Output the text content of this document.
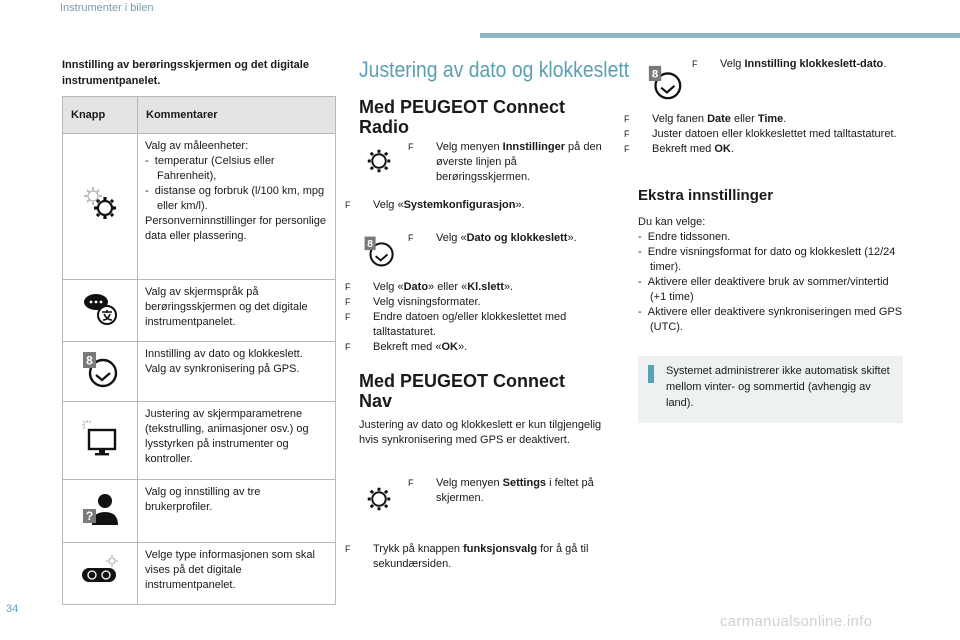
Instrumenter i bilen
34
carmanualsonline.info
Innstilling av berøringsskjermen og det digitale instrumentpanelet.
Knapp	Kommentarer

Valg av måleenheter:
-  temperatur (Celsius eller Fahrenheit),
-  distanse og forbruk (l/100 km, mpg eller km/l).
Personverninnstillinger for personlige data eller plassering.

Valg av skjermspråk på berøringsskjermen og det digitale instrumentpanelet.

8	Innstilling av dato og klokkeslett.
Valg av synkronisering på GPS.

Justering av skjermparametrene (tekstrulling, animasjoner osv.) og lysstyrken på instrumenter og kontroller.

?	Valg og innstilling av tre brukerprofiler.

Velge type informasjonen som skal vises på det digitale instrumentpanelet.
Justering av dato og klokkeslett
Med PEUGEOT Connect Radio
F Velg menyen Innstillinger på den øverste linjen på berøringsskjermen.
F Velg «Systemkonfigurasjon».
8
F Velg «Dato og klokkeslett».
F Velg «Dato» eller «Kl.slett».
F Velg visningsformater.
F Endre datoen og/eller klokkeslettet med talltastaturet.
F Bekreft med «OK».
Med PEUGEOT Connect Nav
Justering av dato og klokkeslett er kun tilgjengelig hvis synkronisering med GPS er deaktivert.
F Velg menyen Settings i feltet på skjermen.
F Trykk på knappen funksjonsvalg for å gå til sekundærsiden.
8
F Velg Innstilling klokkeslett-dato.
F Velg fanen Date eller Time.
F Juster datoen eller klokkeslettet med talltastaturet.
F Bekreft med OK.
Ekstra innstillinger
Du kan velge:
-  Endre tidssonen.
-  Endre visningsformat for dato og klokkeslett (12/24 timer).
-  Aktivere eller deaktivere bruk av sommer/vintertid (+1 time)
-  Aktivere eller deaktivere synkroniseringen med GPS (UTC).
Systemet administrerer ikke automatisk skiftet mellom vinter- og sommertid (avhengig av land).
